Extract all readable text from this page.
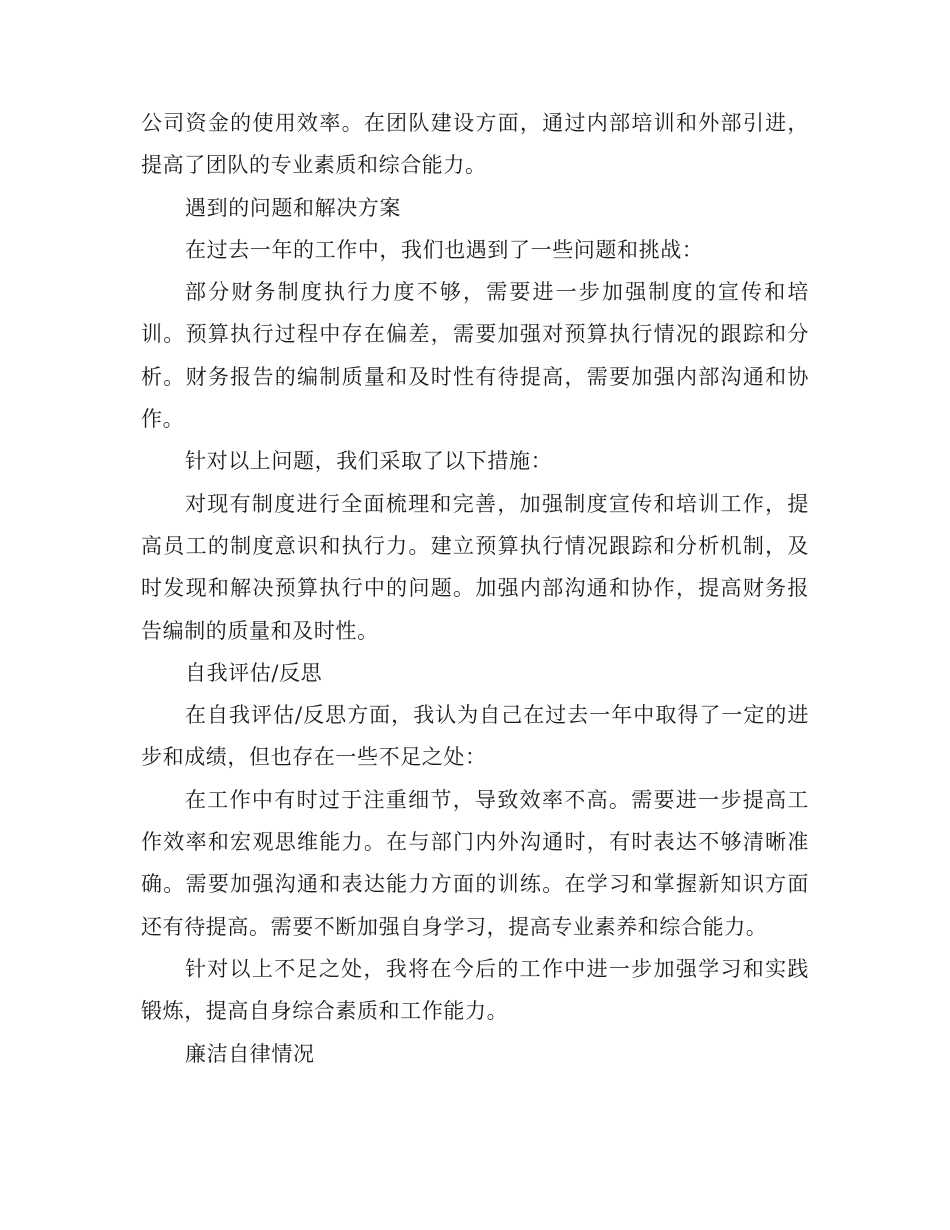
公司资金的使用效率。在团队建设方面，通过内部培训和外部引进，提高了团队的专业素质和综合能力。

遇到的问题和解决方案

在过去一年的工作中，我们也遇到了一些问题和挑战：

部分财务制度执行力度不够，需要进一步加强制度的宣传和培训。预算执行过程中存在偏差，需要加强对预算执行情况的跟踪和分析。财务报告的编制质量和及时性有待提高，需要加强内部沟通和协作。

针对以上问题，我们采取了以下措施：

对现有制度进行全面梳理和完善，加强制度宣传和培训工作，提高员工的制度意识和执行力。建立预算执行情况跟踪和分析机制，及时发现和解决预算执行中的问题。加强内部沟通和协作，提高财务报告编制的质量和及时性。

自我评估/反思

在自我评估/反思方面，我认为自己在过去一年中取得了一定的进步和成绩，但也存在一些不足之处：

在工作中有时过于注重细节，导致效率不高。需要进一步提高工作效率和宏观思维能力。在与部门内外沟通时，有时表达不够清晰准确。需要加强沟通和表达能力方面的训练。在学习和掌握新知识方面还有待提高。需要不断加强自身学习，提高专业素养和综合能力。

针对以上不足之处，我将在今后的工作中进一步加强学习和实践锻炼，提高自身综合素质和工作能力。

廉洁自律情况
